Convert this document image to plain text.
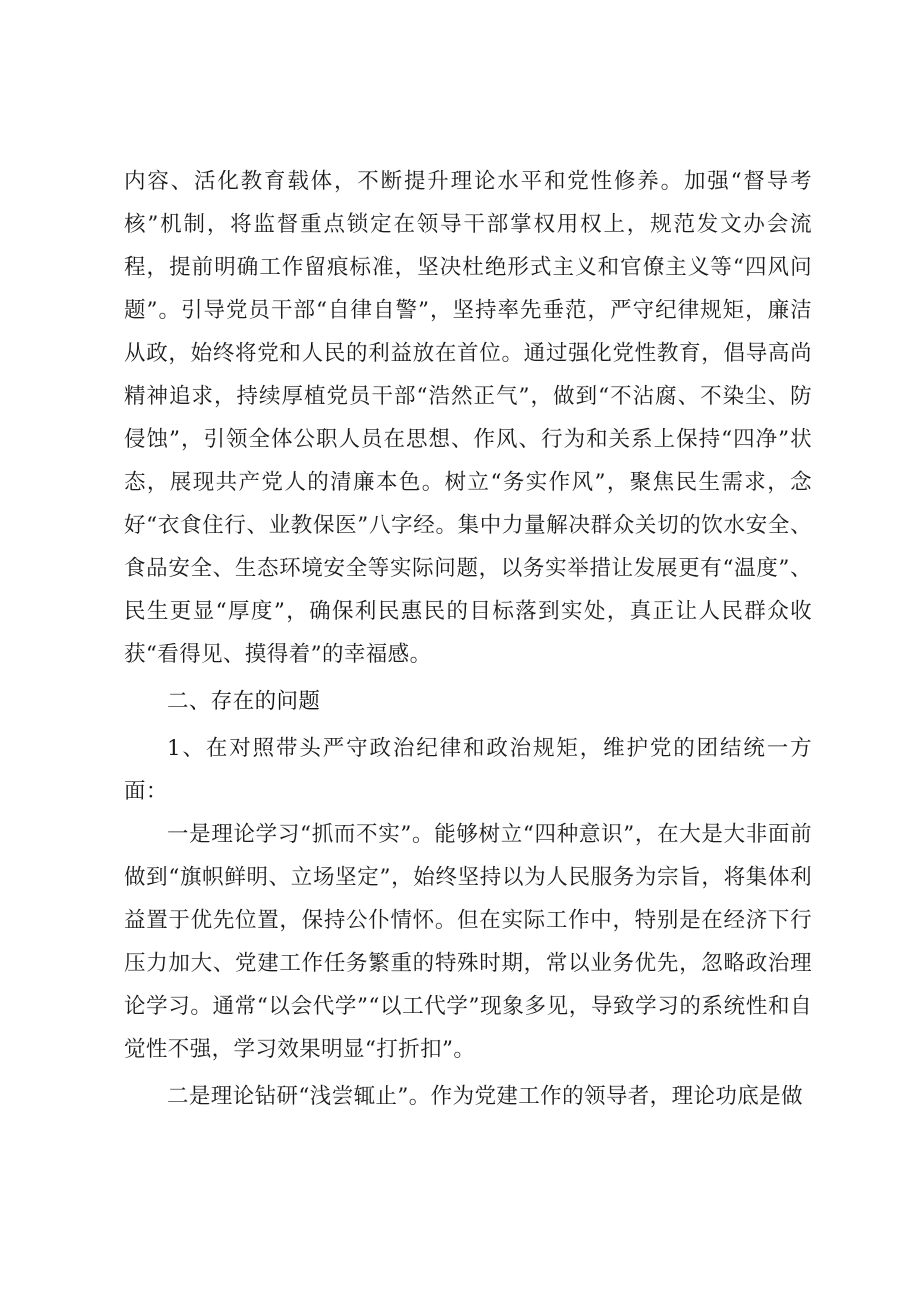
内容、活化教育载体，不断提升理论水平和党性修养。加强“督导考核”机制，将监督重点锁定在领导干部掌权用权上，规范发文办会流程，提前明确工作留痕标准，坚决杜绝形式主义和官僚主义等“四风问题”。引导党员干部“自律自警”，坚持率先垂范，严守纪律规矩，廉洁从政，始终将党和人民的利益放在首位。通过强化党性教育，倡导高尚精神追求，持续厚植党员干部“浩然正气”，做到“不沾腐、不染尘、防侵蚀”，引领全体公职人员在思想、作风、行为和关系上保持“四净”状态，展现共产党人的清廉本色。树立“务实作风”，聚焦民生需求，念好“衣食住行、业教保医”八字经。集中力量解决群众关切的饮水安全、食品安全、生态环境安全等实际问题，以务实举措让发展更有“温度”、民生更显“厚度”，确保利民惠民的目标落到实处，真正让人民群众收获“看得见、摸得着”的幸福感。

二、存在的问题

1、在对照带头严守政治纪律和政治规矩，维护党的团结统一方面：

一是理论学习“抓而不实”。能够树立“四种意识”，在大是大非面前做到“旗帜鲜明、立场坚定”，始终坚持以为人民服务为宗旨，将集体利益置于优先位置，保持公仆情怀。但在实际工作中，特别是在经济下行压力加大、党建工作任务繁重的特殊时期，常以业务优先，忽略政治理论学习。通常“以会代学”“以工代学”现象多见，导致学习的系统性和自觉性不强，学习效果明显“打折扣”。

二是理论钻研“浅尝辄止”。作为党建工作的领导者，理论功底是做
